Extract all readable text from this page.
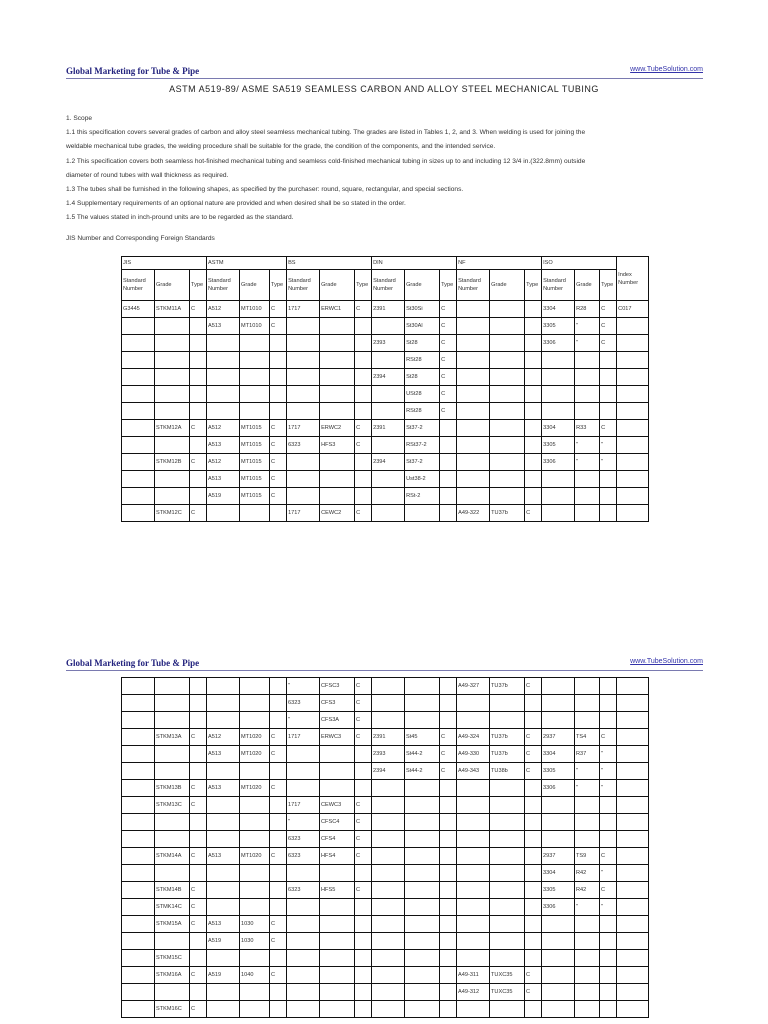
Global Marketing for Tube & Pipe	www.TubeSolution.com
ASTM A519-89/ ASME SA519 SEAMLESS CARBON AND ALLOY STEEL MECHANICAL TUBING

1. Scope

1.1 this specification covers several grades of carbon and alloy steel seamless mechanical tubing. The grades are listed in Tables 1, 2, and 3. When welding is used for joining the

weldable mechanical tube grades, the welding procedure shall be suitable for the grade, the condition of the components, and the intended service.

1.2 This specification covers both seamless hot-finished mechanical tubing and seamless cold-finished mechanical tubing in sizes up to and including 12 3/4 in.(322.8mm) outside

diameter of round tubes with wall thickness as required.

1.3 The tubes shall be furnished in the following shapes, as specified by the purchaser: round, square, rectangular, and special sections.

1.4 Supplementary requirements of an optional nature are provided and when desired shall be so stated in the order.

1.5 The values stated in inch-pround units are to be regarded as the standard.

JIS Number and Corresponding Foreign Standards

JIS			ASTM			BS			DIN			NF			ISO			Index Number
Standard Number	Grade	Type	Standard Number	Grade	Type	Standard Number	Grade	Type	Standard Number	Grade	Type	Standard Number	Grade	Type	Standard Number	Grade	Type	
G3445	STKM11A	C	A512	MT1010	C	1717	ERWC1	C	2391	St30Si	C				3304	R28	C	C017
			A513	MT1010	C					St30Al	C				3305	"	C	
									2393	St28	C				3306	"	C	
										RSt28	C							
									2394	St28	C							
										USt28	C							
										RSt28	C							
	STKM12A	C	A512	MT1015	C	1717	ERWC2	C	2391	St37-2					3304	R33	C	
			A513	MT1015	C	6323	HFS3	C		RSt37-2					3305	"	"	
	STKM12B	C	A512	MT1015	C				2394	St37-2					3306	"	"	
			A513	MT1015	C					Ust38-2								
			A519	MT1015	C					RSt-2								
	STKM12C	C				1717	CEWC2	C				A49-322	TU37b	C				
Global Marketing for Tube & Pipe	www.TubeSolution.com
						"	CFSC3	C				A49-327	TU37b	C				
						6323	CFS3	C										
						"	CFS3A	C										
	STKM13A	C	A512	MT1020	C	1717	ERWC3	C	2391	St45	C	A49-324	TU37b	C	2937	TS4	C	
			A513	MT1020	C				2393	St44-2	C	A49-330	TU37b	C	3304	R37	"	
									2394	St44-2	C	A49-343	TU38b	C	3305	"	"	
	STKM13B	C	A513	MT1020	C										3306	"	"	
	STKM13C	C				1717	CEWC3	C										
						"	CFSC4	C										
						6323	CFS4	C										
	STKM14A	C	A513	MT1020	C	6323	HFS4	C							2937	TS9	C	
															3304	R42	"	
	STKM14B	C				6323	HFS5	C							3305	R42	C	
	STMK14C	C													3306	"	"	
	STKM15A	C	A513	1030	C													
			A519	1030	C													
	STKM15C																	
	STKM16A	C	A519	1040	C							A49-311	TUXC35	C				
												A49-312	TUXC35	C				
	STKM16C	C																
